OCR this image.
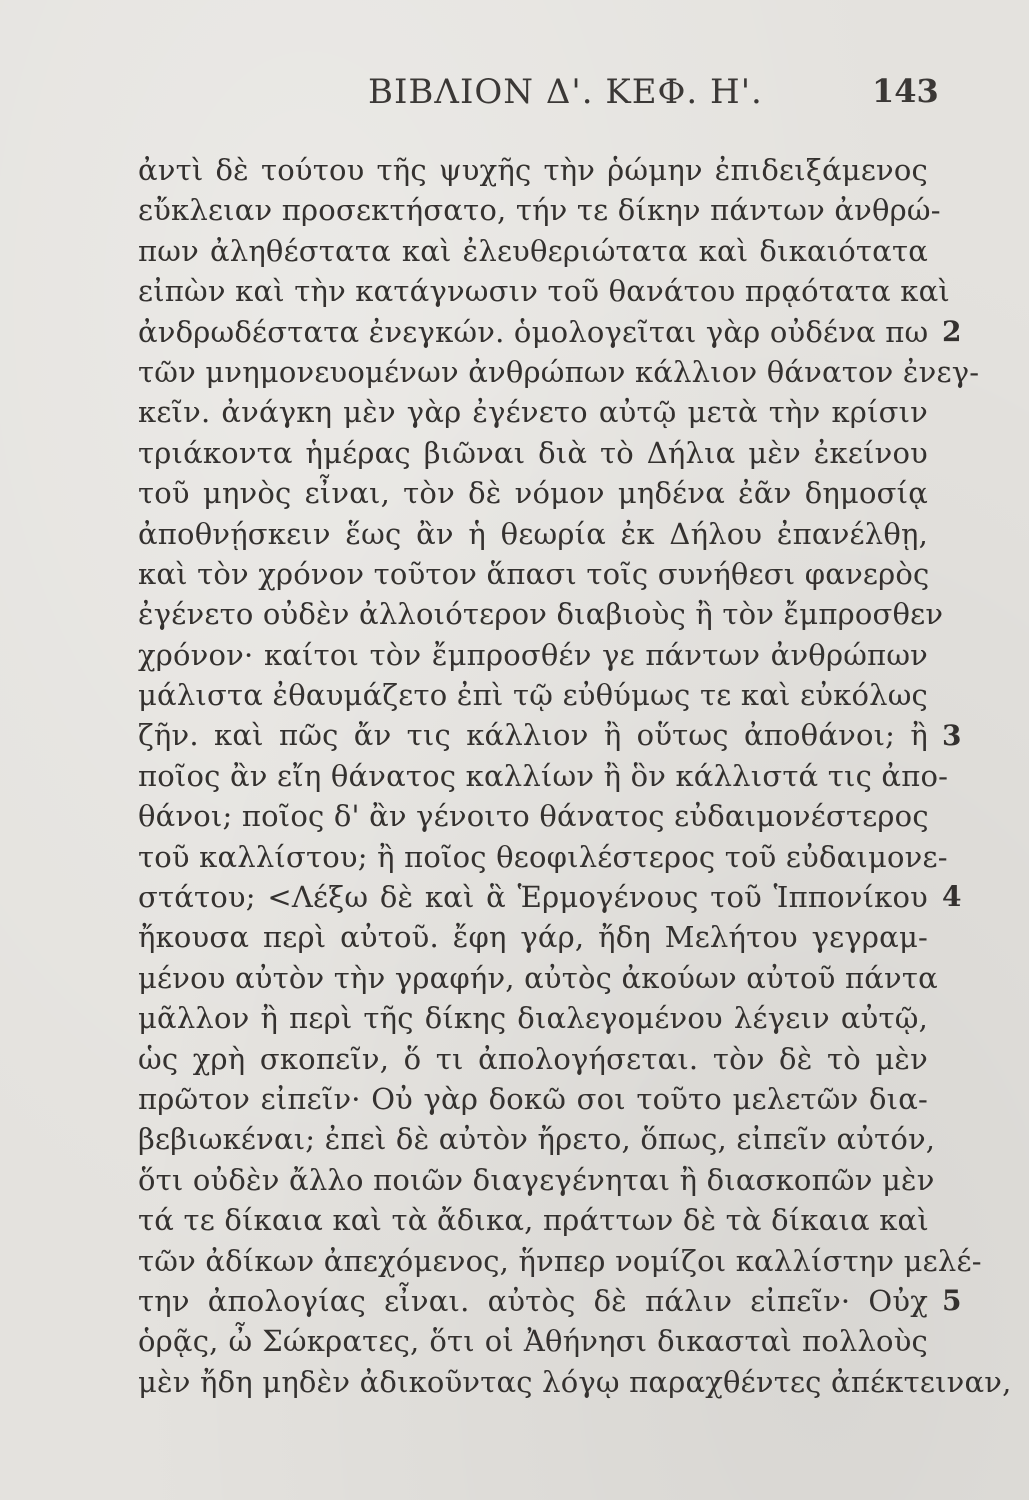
ΒΙΒΛΙΟΝ Δ'. ΚΕΦ. Η'.	143
ἀντὶ δὲ τούτου τῆς ψυχῆς τὴν ῥώμην ἐπιδειξάμενος
εὔκλειαν προσεκτήσατο, τήν τε δίκην πάντων ἀνθρώ-
πων ἀληθέστατα καὶ ἐλευθεριώτατα καὶ δικαιότατα
εἰπὼν καὶ τὴν κατάγνωσιν τοῦ θανάτου πρᾳότατα καὶ
ἀνδρωδέστατα ἐνεγκών. ὁμολογεῖται γὰρ οὐδένα πω
τῶν μνημονευομένων ἀνθρώπων κάλλιον θάνατον ἐνεγ-
κεῖν. ἀνάγκη μὲν γὰρ ἐγένετο αὐτῷ μετὰ τὴν κρίσιν
τριάκοντα ἡμέρας βιῶναι διὰ τὸ Δήλια μὲν ἐκείνου
τοῦ μηνὸς εἶναι, τὸν δὲ νόμον μηδένα ἐᾶν δημοσίᾳ
ἀποθνῄσκειν ἕως ἂν ἡ θεωρία ἐκ Δήλου ἐπανέλθῃ,
καὶ τὸν χρόνον τοῦτον ἅπασι τοῖς συνήθεσι φανερὸς
ἐγένετο οὐδὲν ἀλλοιότερον διαβιοὺς ἢ τὸν ἔμπροσθεν
χρόνον· καίτοι τὸν ἔμπροσθέν γε πάντων ἀνθρώπων
μάλιστα ἐθαυμάζετο ἐπὶ τῷ εὐθύμως τε καὶ εὐκόλως
ζῆν. καὶ πῶς ἄν τις κάλλιον ἢ οὕτως ἀποθάνοι; ἢ
ποῖος ἂν εἴη θάνατος καλλίων ἢ ὃν κάλλιστά τις ἀπο-
θάνοι; ποῖος δ' ἂν γένοιτο θάνατος εὐδαιμονέστερος
τοῦ καλλίστου; ἢ ποῖος θεοφιλέστερος τοῦ εὐδαιμονε-
στάτου; <Λέξω δὲ καὶ ἃ Ἑρμογένους τοῦ Ἱππονίκου
ἤκουσα περὶ αὐτοῦ. ἔφη γάρ, ἤδη Μελήτου γεγραμ-
μένου αὐτὸν τὴν γραφήν, αὐτὸς ἀκούων αὐτοῦ πάντα
μᾶλλον ἢ περὶ τῆς δίκης διαλεγομένου λέγειν αὐτῷ,
ὡς χρὴ σκοπεῖν, ὅ τι ἀπολογήσεται. τὸν δὲ τὸ μὲν
πρῶτον εἰπεῖν· Οὐ γὰρ δοκῶ σοι τοῦτο μελετῶν δια-
βεβιωκέναι; ἐπεὶ δὲ αὐτὸν ἤρετο, ὅπως, εἰπεῖν αὐτόν,
ὅτι οὐδὲν ἄλλο ποιῶν διαγεγένηται ἢ διασκοπῶν μὲν
τά τε δίκαια καὶ τὰ ἄδικα, πράττων δὲ τὰ δίκαια καὶ
τῶν ἀδίκων ἀπεχόμενος, ἥνπερ νομίζοι καλλίστην μελέ-
την ἀπολογίας εἶναι. αὐτὸς δὲ πάλιν εἰπεῖν· Οὐχ
ὁρᾷς, ὦ Σώκρατες, ὅτι οἱ Ἀθήνησι δικασταὶ πολλοὺς
μὲν ἤδη μηδὲν ἀδικοῦντας λόγῳ παραχθέντες ἀπέκτειναν,
2
3
4
5
